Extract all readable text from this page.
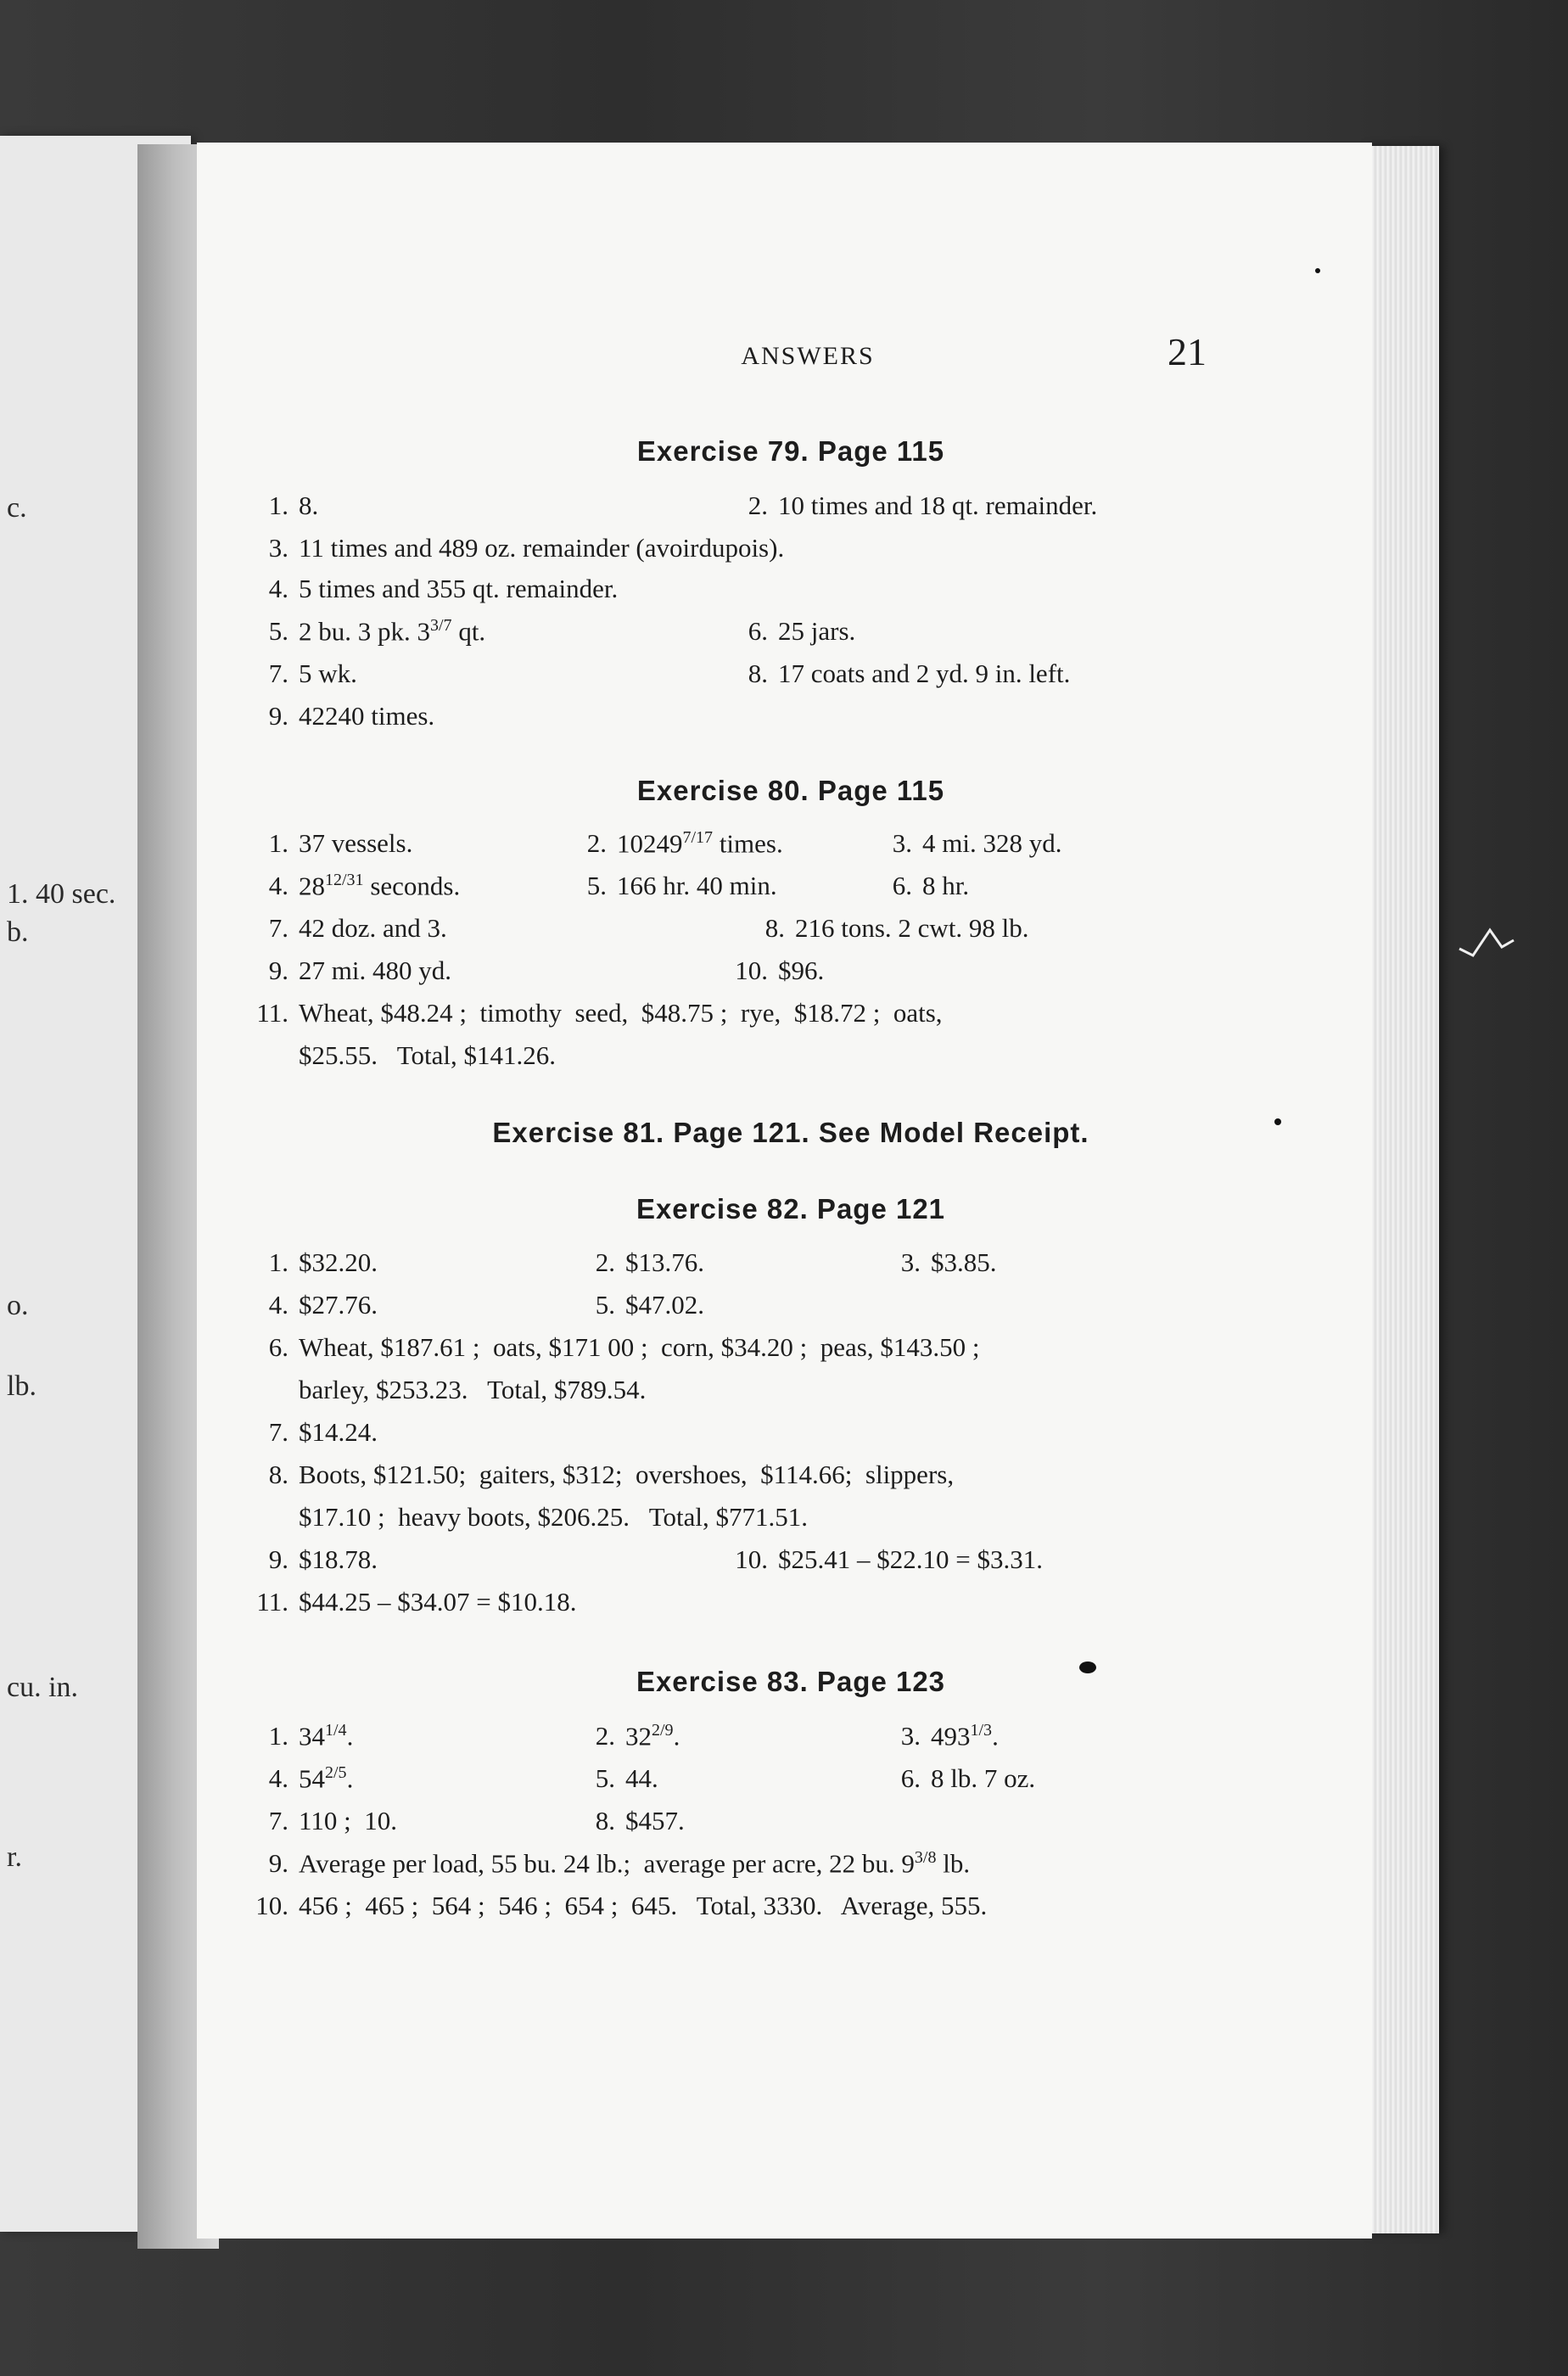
c.
1. 40 sec.
b.
o.
lb.
cu. in.
r.
ANSWERS	21
Exercise 79. Page 115
1. 8.	2. 10 times and 18 qt. remainder.
3. 11 times and 489 oz. remainder (avoirdupois).
4. 5 times and 355 qt. remainder.
5. 2 bu. 3 pk. $3^{3/7}$ qt.	6. 25 jars.
7. 5 wk.	8. 17 coats and 2 yd. 9 in. left.
9. 42240 times.
Exercise 80. Page 115
1. 37 vessels.	2. $10249^{7/17}$ times.	3. 4 mi. 328 yd.
4. $28^{12/31}$ seconds.	5. 166 hr. 40 min.	6. 8 hr.
7. 42 doz. and 3.	8. 216 tons. 2 cwt. 98 lb.
9. 27 mi. 480 yd.	10. $96.
11. Wheat, $48.24 ;  timothy  seed,  $48.75 ;  rye,  $18.72 ;  oats,
$25.55.   Total, $141.26.
Exercise 81. Page 121. See Model Receipt.
Exercise 82. Page 121
1. $32.20.	2. $13.76.	3. $3.85.
4. $27.76.	5. $47.02.
6. Wheat, $187.61 ;  oats, $171 00 ;  corn, $34.20 ;  peas, $143.50 ;
barley, $253.23.   Total, $789.54.
7. $14.24.
8. Boots, $121.50;  gaiters, $312;  overshoes,  $114.66;  slippers,
$17.10 ;  heavy boots, $206.25.   Total, $771.51.
9. $18.78.	10. $25.41 – $22.10 = $3.31.
11. $44.25 – $34.07 = $10.18.
Exercise 83. Page 123
1. $34^{1/4}$.	2. $32^{2/9}$.	3. $493^{1/3}$.
4. $54^{2/5}$.	5. 44.	6. 8 lb. 7 oz.
7. 110 ;  10.	8. $457.
9. Average per load, 55 bu. 24 lb.;  average per acre, 22 bu. $9^{3/8}$ lb.
10. 456 ;  465 ;  564 ;  546 ;  654 ;  645.   Total, 3330.   Average, 555.
